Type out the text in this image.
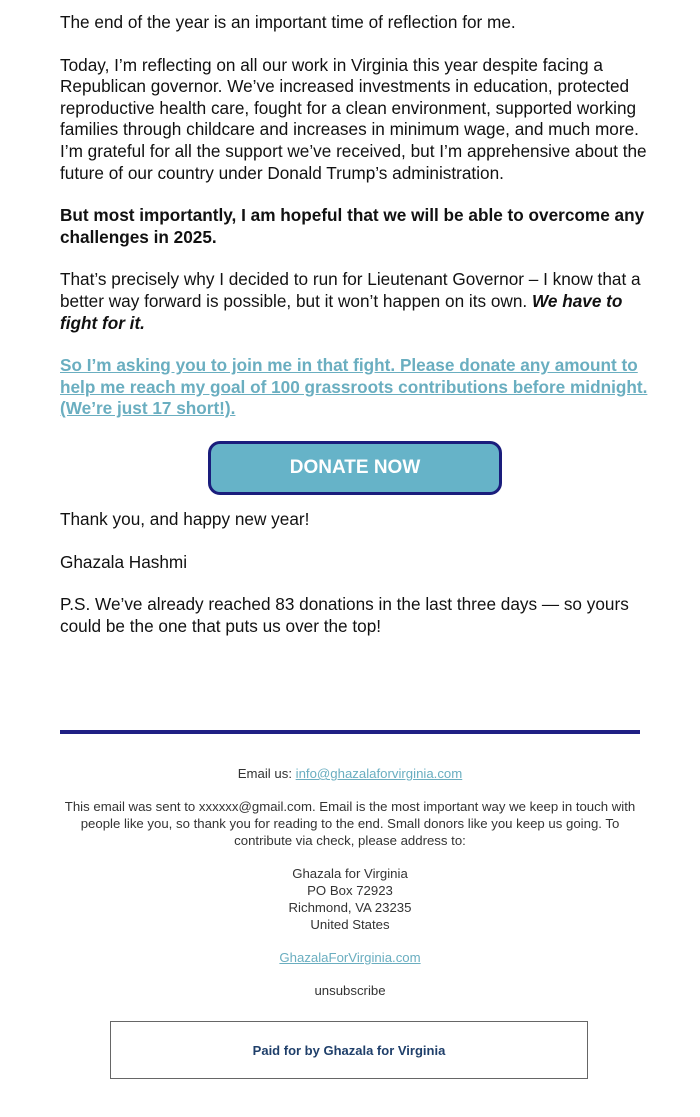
The end of the year is an important time of reflection for me.

Today, I’m reflecting on all our work in Virginia this year despite facing a Republican governor. We’ve increased investments in education, protected reproductive health care, fought for a clean environment, supported working families through childcare and increases in minimum wage, and much more. I’m grateful for all the support we’ve received, but I’m apprehensive about the future of our country under Donald Trump’s administration.

But most importantly, I am hopeful that we will be able to overcome any challenges in 2025.

That’s precisely why I decided to run for Lieutenant Governor – I know that a better way forward is possible, but it won’t happen on its own. We have to fight for it.

So I’m asking you to join me in that fight. Please donate any amount to help me reach my goal of 100 grassroots contributions before midnight. (We’re just 17 short!).

DONATE NOW

Thank you, and happy new year!

Ghazala Hashmi

P.S. We’ve already reached 83 donations in the last three days — so yours could be the one that puts us over the top!

Email us: info@ghazalaforvirginia.com
This email was sent to xxxxxx@gmail.com. Email is the most important way we keep in touch with people like you, so thank you for reading to the end. Small donors like you keep us going. To contribute via check, please address to:
Ghazala for Virginia
PO Box 72923
Richmond, VA 23235
United States
GhazalaForVirginia.com
unsubscribe
Paid for by Ghazala for Virginia
